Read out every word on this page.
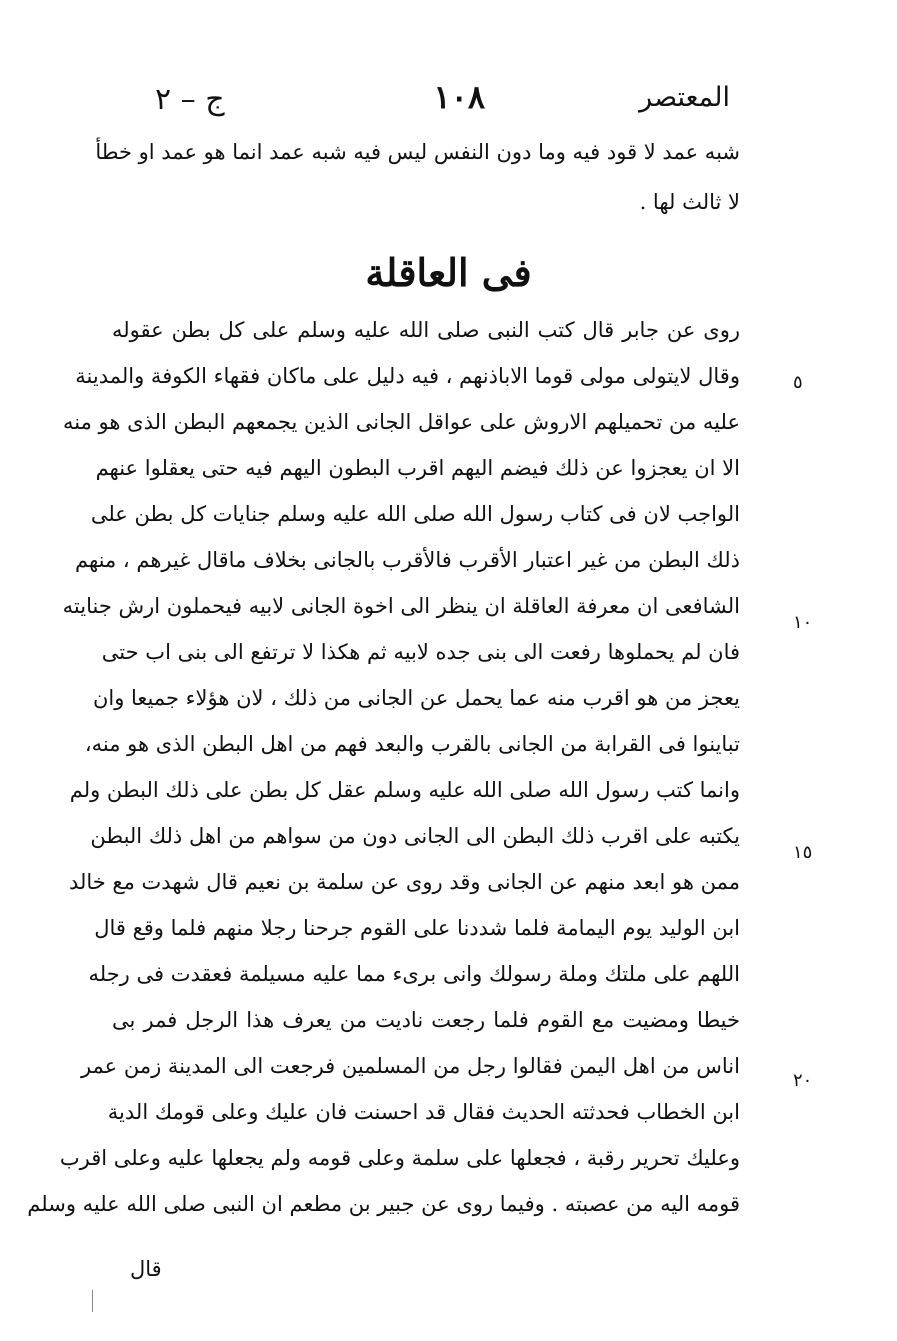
المعتصر
١٠٨
ج – ٢
شبه عمد لا قود فيه وما دون النفس ليس فيه شبه عمد انما هو عمد او خطأ
لا ثالث لها .
فى العاقلة
روى عن جابر قال كتب النبى صلى الله عليه وسلم على كل بطن عقوله
وقال لايتولى مولى قوما الاباذنهم ، فيه دليل على ماكان فقهاء الكوفة والمدينة
عليه من تحميلهم الاروش على عواقل الجانى الذين يجمعهم البطن الذى هو منه
الا ان يعجزوا عن ذلك فيضم اليهم اقرب البطون اليهم فيه حتى يعقلوا عنهم
الواجب لان فى كتاب رسول الله صلى الله عليه وسلم جنايات كل بطن على
ذلك البطن من غير اعتبار الأقرب فالأقرب بالجانى بخلاف ماقال غيرهم ، منهم
الشافعى ان معرفة العاقلة ان ينظر الى اخوة الجانى لابيه فيحملون ارش جنايته
فان لم يحملوها رفعت الى بنى جده لابيه ثم هكذا لا ترتفع الى بنى اب حتى
يعجز من هو اقرب منه عما يحمل عن الجانى من ذلك ، لان هؤلاء جميعا وان
تباينوا فى القرابة من الجانى بالقرب والبعد فهم من اهل البطن الذى هو منه،
وانما كتب رسول الله صلى الله عليه وسلم عقل كل بطن على ذلك البطن ولم
يكتبه على اقرب ذلك البطن الى الجانى دون من سواهم من اهل ذلك البطن
ممن هو ابعد منهم عن الجانى وقد روى عن سلمة بن نعيم قال شهدت مع خالد
ابن الوليد يوم اليمامة فلما شددنا على القوم جرحنا رجلا منهم فلما وقع قال
اللهم على ملتك وملة رسولك وانى برىء مما عليه مسيلمة فعقدت فى رجله
خيطا ومضيت مع القوم فلما رجعت ناديت من يعرف هذا الرجل فمر بى
اناس من اهل اليمن فقالوا رجل من المسلمين فرجعت الى المدينة زمن عمر
ابن الخطاب فحدثته الحديث فقال قد احسنت فان عليك وعلى قومك الدية
وعليك تحرير رقبة ، فجعلها على سلمة وعلى قومه ولم يجعلها عليه وعلى اقرب
قومه اليه من عصبته . وفيما روى عن جبير بن مطعم ان النبى صلى الله عليه وسلم
قال
٥
١٠
١٥
٢٠
